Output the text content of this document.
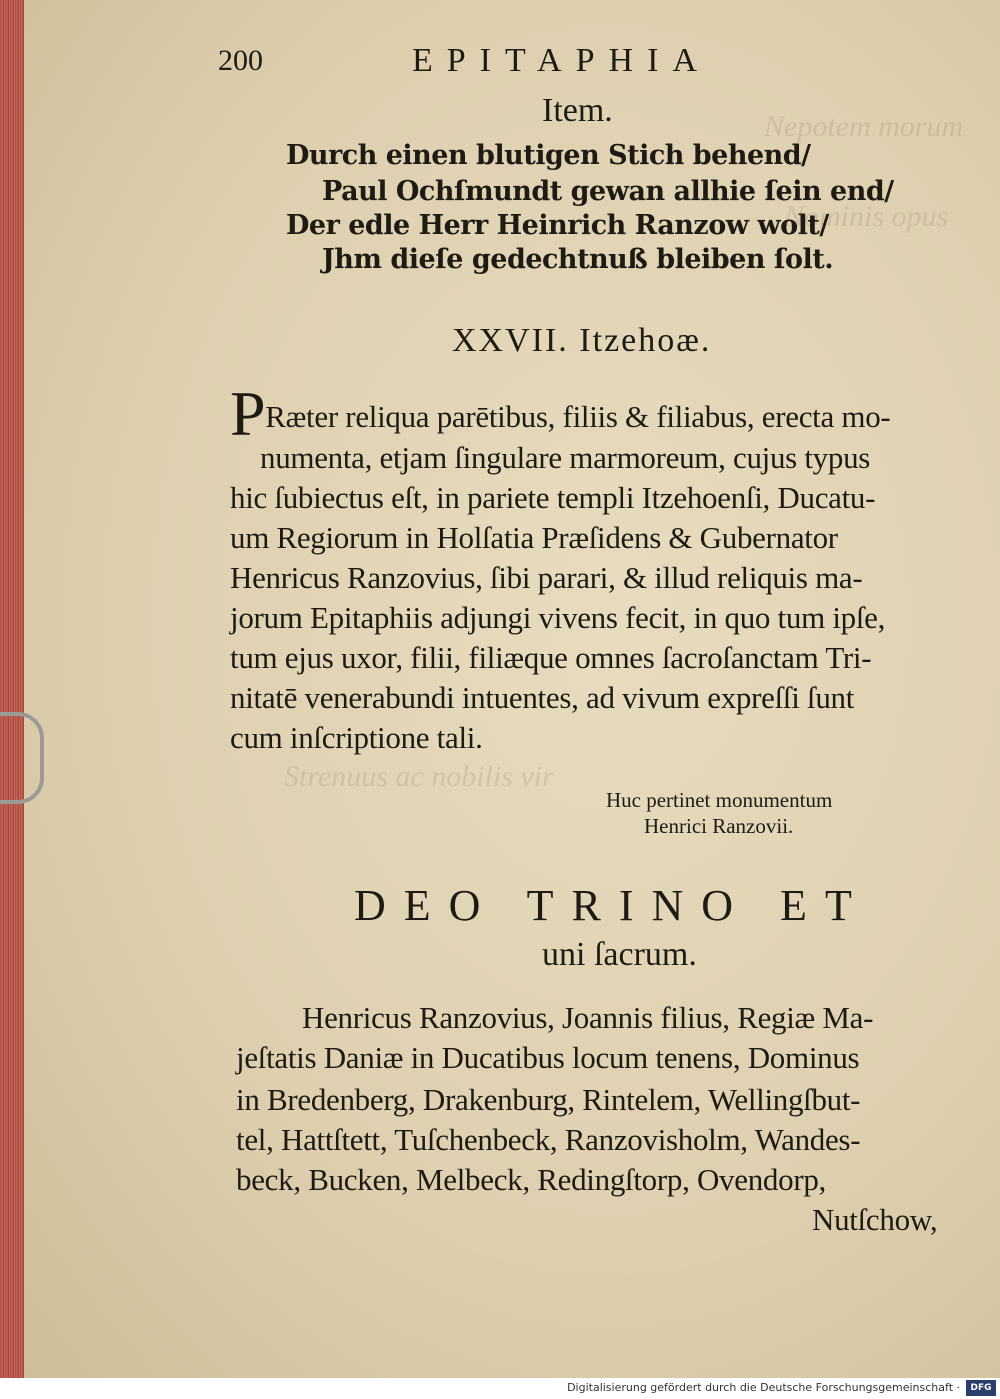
Nepotem morum
Nominis opus
Strenuus ac nobilis vir
200	EPITAPHIA
Item.
Durch einen blutigen Stich behend/
Paul Ochſmundt gewan allhie ſein end/
Der edle Herr Heinrich Ranzow wolt/
Jhm dieſe gedechtnuß bleiben ſolt.
XXVII. Itzehoæ.
PRæter reliqua parētibus, filiis & filiabus, erecta mo-
numenta, etjam ſingulare marmoreum, cujus typus
hic ſubiectus eſt, in pariete templi Itzehoenſi, Ducatu-
um Regiorum in Holſatia Præſidens & Gubernator
Henricus Ranzovius, ſibi parari, & illud reliquis ma-
jorum Epitaphiis adjungi vivens fecit, in quo tum ipſe,
tum ejus uxor, filii, filiæque omnes ſacroſanctam Tri-
nitatē venerabundi intuentes, ad vivum expreſſi ſunt
cum inſcriptione tali.
Huc pertinet monumentum
Henrici Ranzovii.
DEO TRINO ET
uni ſacrum.
Henricus Ranzovius, Joannis filius, Regiæ Ma-
jeſtatis Daniæ in Ducatibus locum tenens, Dominus
in Bredenberg, Drakenburg, Rintelem, Wellingſbut-
tel, Hattſtett, Tuſchenbeck, Ranzovisholm, Wandes-
beck, Bucken, Melbeck, Redingſtorp, Ovendorp,
Nutſchow,
Digitalisierung gefördert durch die Deutsche Forschungsgemeinschaft ·	DFG
